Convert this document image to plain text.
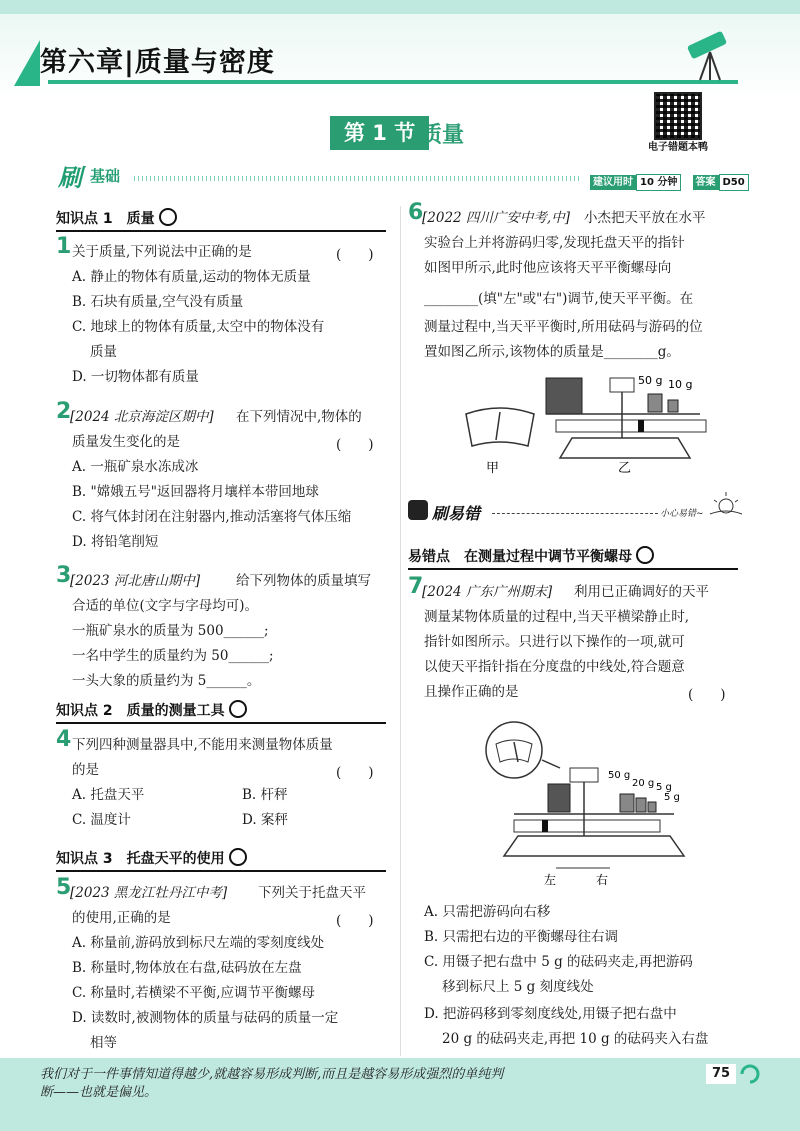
第六章|质量与密度
第 1 节 质量	电子错题本鸭
刷 基础	建议用时 10 分钟 答案 D50
知识点 1　质量
1 关于质量,下列说法中正确的是	(　　)
A. 静止的物体有质量,运动的物体无质量
B. 石块有质量,空气没有质量
C. 地球上的物体有质量,太空中的物体没有
质量
D. 一切物体都有质量
2
[2024 北京海淀区期中] 在下列情况中,物体的
质量发生变化的是	(　　)
A. 一瓶矿泉水冻成冰
B. "嫦娥五号"返回器将月壤样本带回地球
C. 将气体封闭在注射器内,推动活塞将气体压缩
D. 将铅笔削短
3
[2023 河北唐山期中]	给下列物体的质量填写
合适的单位(文字与字母均可)。
一瓶矿泉水的质量为 500______;
一名中学生的质量约为 50______;
一头大象的质量约为 5______。
知识点 2　质量的测量工具
4 下列四种测量器具中,不能用来测量物体质量
的是	(　　)
A. 托盘天平	B. 杆秤
C. 温度计	D. 案秤
知识点 3　托盘天平的使用
5
[2023 黑龙江牡丹江中考] 下列关于托盘天平
的使用,正确的是	(　　)
A. 称量前,游码放到标尺左端的零刻度线处
B. 称量时,物体放在右盘,砝码放在左盘
C. 称量时,若横梁不平衡,应调节平衡螺母
D. 读数时,被测物体的质量与砝码的质量一定
相等
6
[2022 四川广安中考,中] 小杰把天平放在水平
实验台上并将游码归零,发现托盘天平的指针
如图甲所示,此时他应该将天平平衡螺母向
________(填"左"或"右")调节,使天平平衡。在
测量过程中,当天平平衡时,所用砝码与游码的位
置如图乙所示,该物体的质量是________g。
甲
50 g 10 g
乙
刷易错	小心易错~
易错点　在测量过程中调节平衡螺母
7
[2024 广东广州期末] 利用已正确调好的天平
测量某物体质量的过程中,当天平横梁静止时,
指针如图所示。只进行以下操作的一项,就可
以使天平指针指在分度盘的中线处,符合题意
且操作正确的是	(　　)
50 g
20 g 5 g
5 g
左	右
A. 只需把游码向右移
B. 只需把右边的平衡螺母往右调
C. 用镊子把右盘中 5 g 的砝码夹走,再把游码
移到标尺上 5 g 刻度线处
D. 把游码移到零刻度线处,用镊子把右盘中
20 g 的砝码夹走,再把 10 g 的砝码夹入右盘
我们对于一件事情知道得越少,就越容易形成判断,而且是越容易形成强烈的单纯判
断——也就是偏见。
75
